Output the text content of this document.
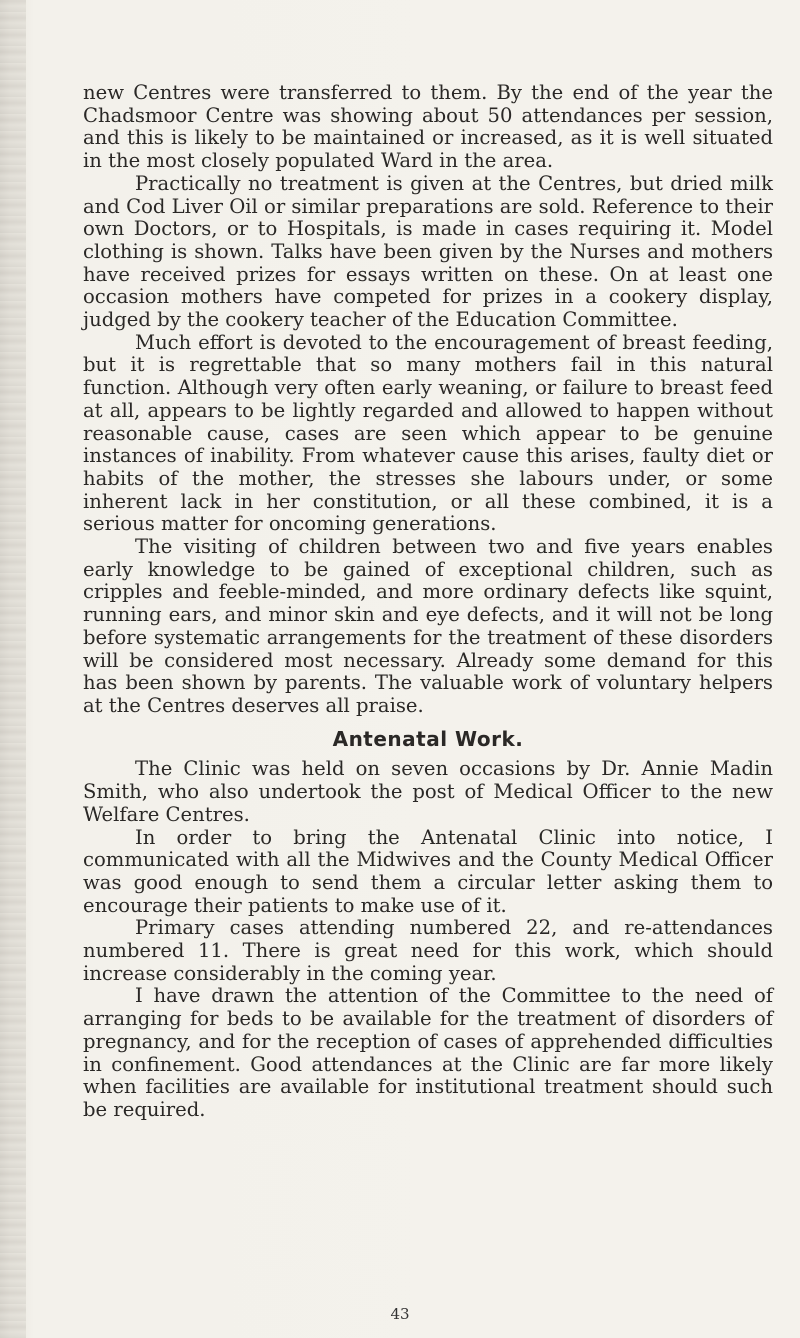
new Centres were transferred to them. By the end of the year the Chadsmoor Centre was showing about 50 attendances per session, and this is likely to be maintained or increased, as it is well situated in the most closely populated Ward in the area.

Practically no treatment is given at the Centres, but dried milk and Cod Liver Oil or similar preparations are sold. Reference to their own Doctors, or to Hospitals, is made in cases requiring it. Model clothing is shown. Talks have been given by the Nurses and mothers have received prizes for essays written on these. On at least one occasion mothers have competed for prizes in a cookery display, judged by the cookery teacher of the Education Committee.

Much effort is devoted to the encouragement of breast feeding, but it is regrettable that so many mothers fail in this natural function. Although very often early weaning, or failure to breast feed at all, appears to be lightly regarded and allowed to happen without reasonable cause, cases are seen which appear to be genuine instances of inability. From whatever cause this arises, faulty diet or habits of the mother, the stresses she labours under, or some inherent lack in her constitution, or all these combined, it is a serious matter for oncoming generations.

The visiting of children between two and five years enables early knowledge to be gained of exceptional children, such as cripples and feeble-minded, and more ordinary defects like squint, running ears, and minor skin and eye defects, and it will not be long before systematic arrangements for the treatment of these disorders will be considered most necessary. Already some demand for this has been shown by parents. The valuable work of voluntary helpers at the Centres deserves all praise.

Antenatal Work.

The Clinic was held on seven occasions by Dr. Annie Madin Smith, who also undertook the post of Medical Officer to the new Welfare Centres.

In order to bring the Antenatal Clinic into notice, I communicated with all the Midwives and the County Medical Officer was good enough to send them a circular letter asking them to encourage their patients to make use of it.

Primary cases attending numbered 22, and re-attendances numbered 11. There is great need for this work, which should increase considerably in the coming year.

I have drawn the attention of the Committee to the need of arranging for beds to be available for the treatment of disorders of pregnancy, and for the reception of cases of apprehended difficulties in confinement. Good attendances at the Clinic are far more likely when facilities are available for institutional treatment should such be required.

43
